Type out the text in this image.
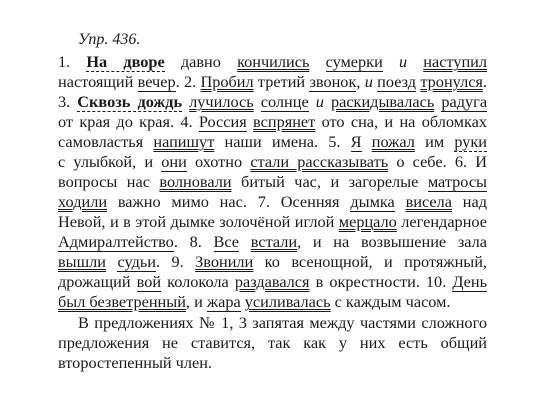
Упр. 436.
1. На дворе давно кончились сумерки и наступил
настоящий вечер. 2. Пробил третий звонок, и поезд тронулся.
3. Сквозь дождь лучилось солнце и раскидывалась радуга
от края до края. 4. Россия вспрянет ото сна, и на обломках
самовластья напишут наши имена. 5. Я пожал им руки
с улыбкой, и они охотно стали рассказывать о себе. 6. И
вопросы нас волновали битый час, и загорелые матросы
ходили важно мимо нас. 7. Осенняя дымка висела над
Невой, и в этой дымке золочёной иглой мерцало легендарное
Адмиралтейство. 8. Все встали, и на возвышение зала
вышли судьи. 9. Звонили ко всенощной, и протяжный,
дрожащий вой колокола раздавался в окрестности. 10. День
был безветренный, и жара усиливалась с каждым часом.
В предложениях № 1, 3 запятая между частями сложного
предложения не ставится, так как у них есть общий
второстепенный член.
